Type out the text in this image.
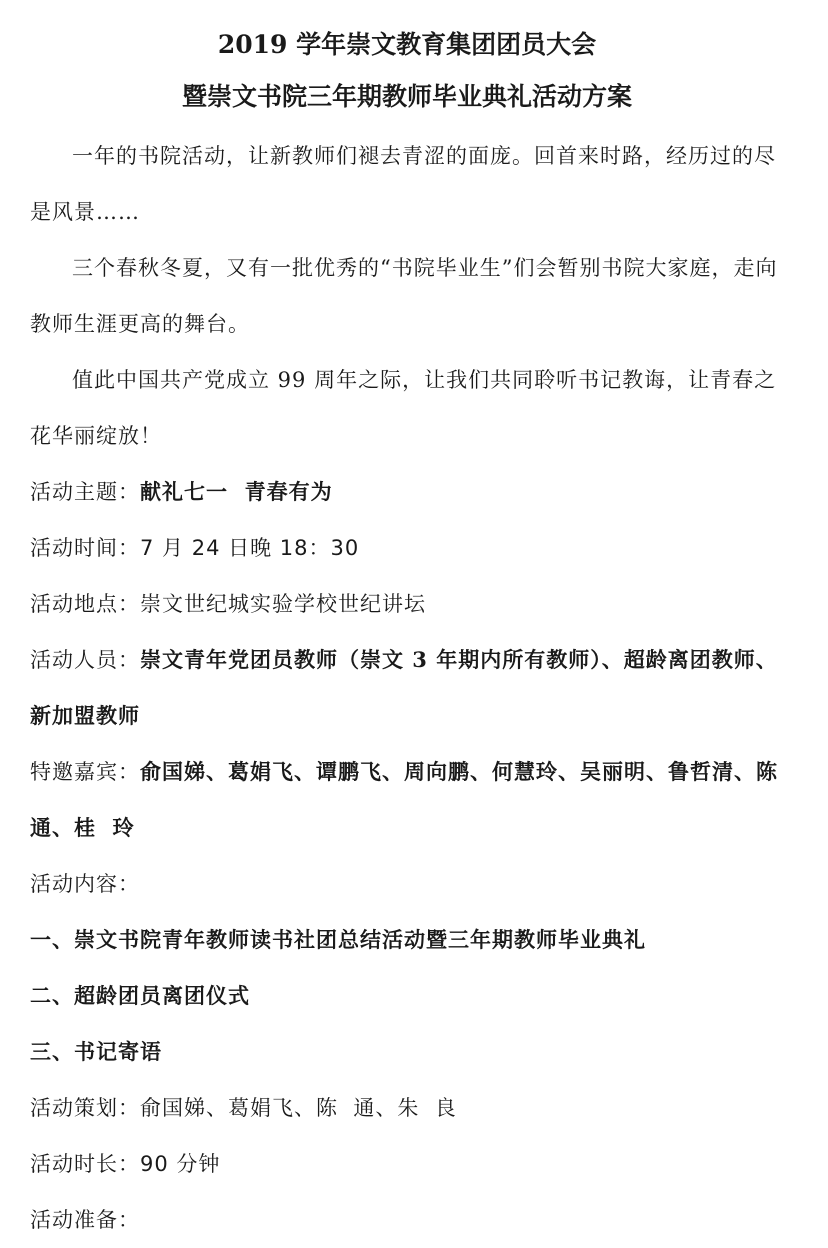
2019 学年崇文教育集团团员大会

暨崇文书院三年期教师毕业典礼活动方案

一年的书院活动，让新教师们褪去青涩的面庞。回首来时路，经历过的尽是风景……

三个春秋冬夏，又有一批优秀的“书院毕业生”们会暂别书院大家庭，走向教师生涯更高的舞台。

值此中国共产党成立 99 周年之际，让我们共同聆听书记教诲，让青春之花华丽绽放！

活动主题：献礼七一  青春有为

活动时间：7 月 24 日晚 18：30

活动地点：崇文世纪城实验学校世纪讲坛

活动人员：崇文青年党团员教师（崇文 3 年期内所有教师）、超龄离团教师、新加盟教师

特邀嘉宾：俞国娣、葛娟飞、谭鹏飞、周向鹏、何慧玲、吴丽明、鲁哲清、陈  通、桂  玲

活动内容：

一、崇文书院青年教师读书社团总结活动暨三年期教师毕业典礼

二、超龄团员离团仪式

三、书记寄语

活动策划：俞国娣、葛娟飞、陈  通、朱  良

活动时长：90 分钟

活动准备：
